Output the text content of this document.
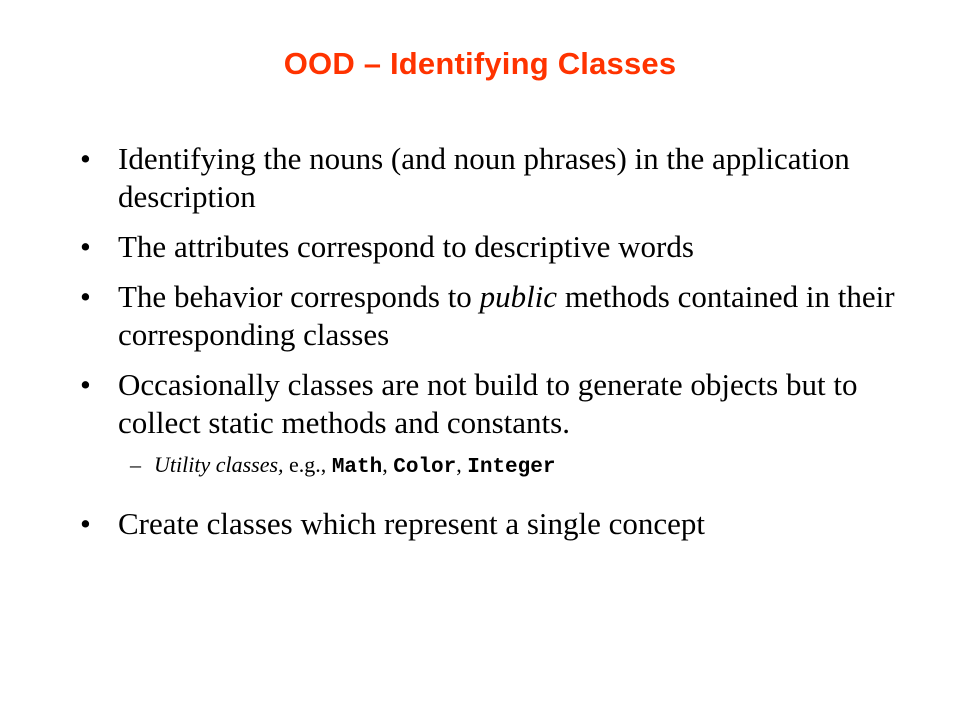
OOD – Identifying Classes
• Identifying the nouns (and noun phrases) in the application description
• The attributes correspond to descriptive words
• The behavior corresponds to public methods contained in their corresponding classes
• Occasionally classes are not build to generate objects but to collect static methods and constants.
– Utility classes, e.g., Math, Color, Integer
• Create classes which represent a single concept
